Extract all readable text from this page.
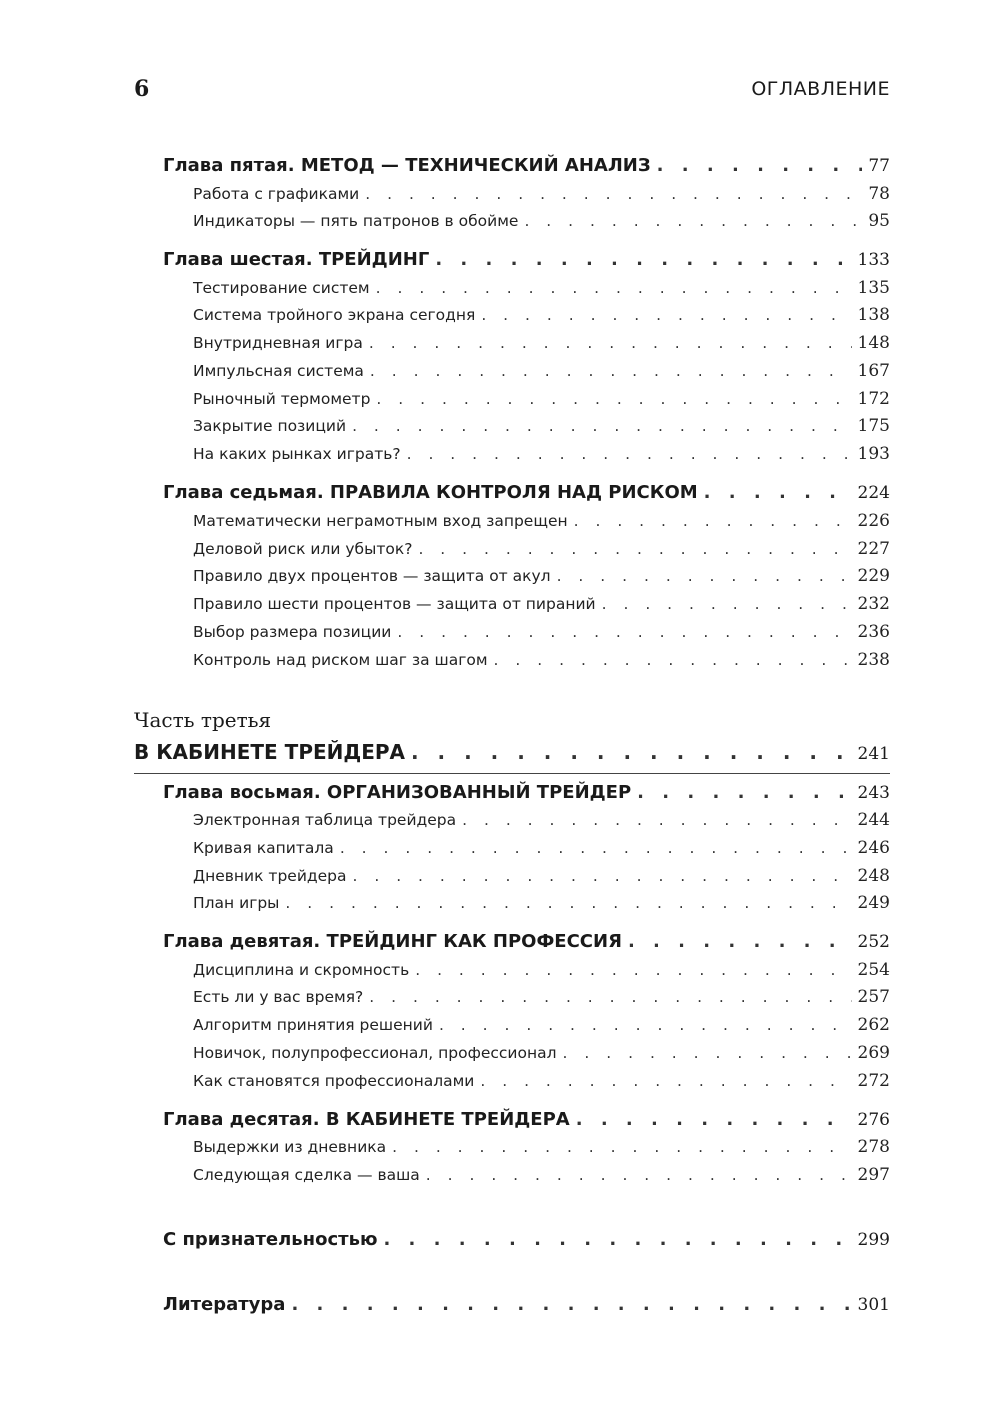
6	ОГЛАВЛЕНИЕ
Глава пятая. МЕТОД — ТЕХНИЧЕСКИЙ АНАЛИЗ . . .	77
Работа с графиками . . .	78
Индикаторы — пять патронов в обойме . . .	95
Глава шестая. ТРЕЙДИНГ . . .	133
Тестирование систем . . .	135
Система тройного экрана сегодня . . .	138
Внутридневная игра . . .	148
Импульсная система . . .	167
Рыночный термометр . . .	172
Закрытие позиций . . .	175
На каких рынках играть? . . .	193
Глава седьмая. ПРАВИЛА КОНТРОЛЯ НАД РИСКОМ . . .	224
Математически неграмотным вход запрещен . . .	226
Деловой риск или убыток? . . .	227
Правило двух процентов — защита от акул . . .	229
Правило шести процентов — защита от пираний . . .	232
Выбор размера позиции . . .	236
Контроль над риском шаг за шагом . . .	238
Часть третья
В КАБИНЕТЕ ТРЕЙДЕРА . . .	241
Глава восьмая. ОРГАНИЗОВАННЫЙ ТРЕЙДЕР . . .	243
Электронная таблица трейдера . . .	244
Кривая капитала . . .	246
Дневник трейдера . . .	248
План игры . . .	249
Глава девятая. ТРЕЙДИНГ КАК ПРОФЕССИЯ . . .	252
Дисциплина и скромность . . .	254
Есть ли у вас время? . . .	257
Алгоритм принятия решений . . .	262
Новичок, полупрофессионал, профессионал . . .	269
Как становятся профессионалами . . .	272
Глава десятая. В КАБИНЕТЕ ТРЕЙДЕРА . . .	276
Выдержки из дневника . . .	278
Следующая сделка — ваша . . .	297
С признательностью . . .	299
Литература . . .	301
